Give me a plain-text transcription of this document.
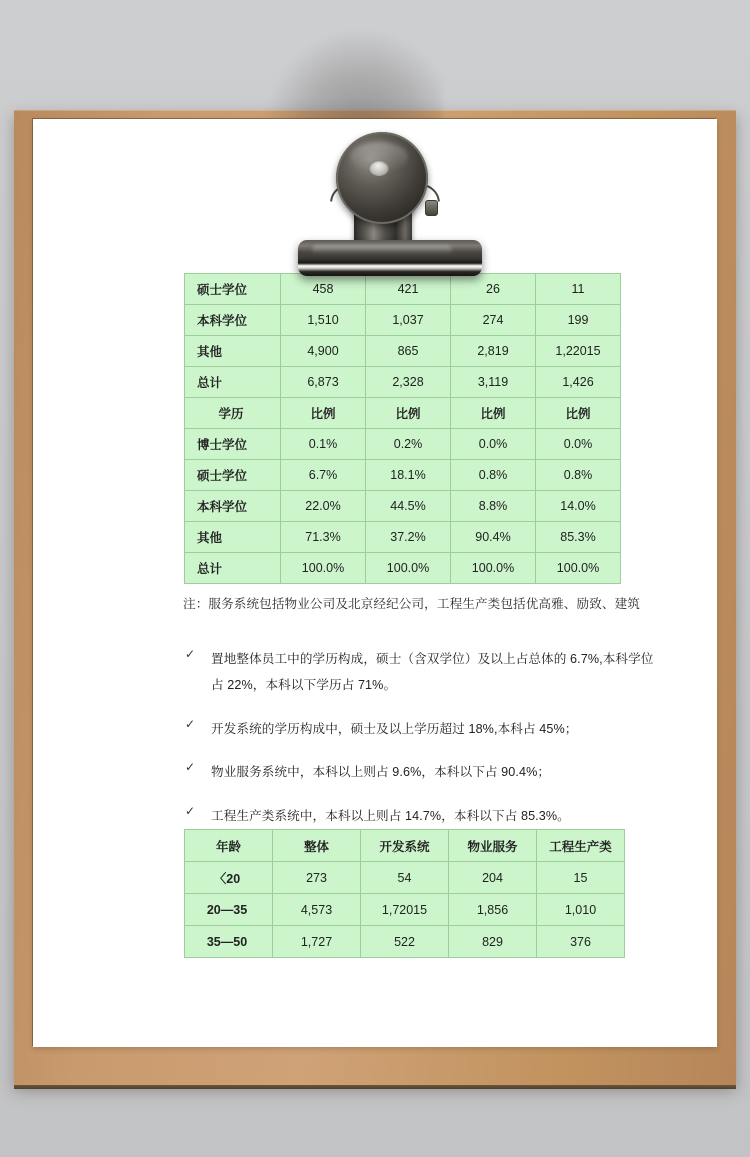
硕士学位	458	421	26	11
本科学位	1,510	1,037	274	199
其他	4,900	865	2,819	1,22015
总计	6,873	2,328	3,119	1,426
学历	比例	比例	比例	比例
博士学位	0.1%	0.2%	0.0%	0.0%
硕士学位	6.7%	18.1%	0.8%	0.8%
本科学位	22.0%	44.5%	8.8%	14.0%
其他	71.3%	37.2%	90.4%	85.3%
总计	100.0%	100.0%	100.0%	100.0%
注：服务系统包括物业公司及北京经纪公司，工程生产类包括优高雅、励致、建筑
✓	置地整体员工中的学历构成，硕士（含双学位）及以上占总体的 6.7%,本科学位占 22%，本科以下学历占 71%。
✓	开发系统的学历构成中，硕士及以上学历超过 18%,本科占 45%；
✓	物业服务系统中，本科以上则占 9.6%，本科以下占 90.4%；
✓	工程生产类系统中，本科以上则占 14.7%，本科以下占 85.3%。
年龄	整体	开发系统	物业服务	工程生产类
〈20	273	54	204	15
20—35	4,573	1,72015	1,856	1,010
35—50	1,727	522	829	376
